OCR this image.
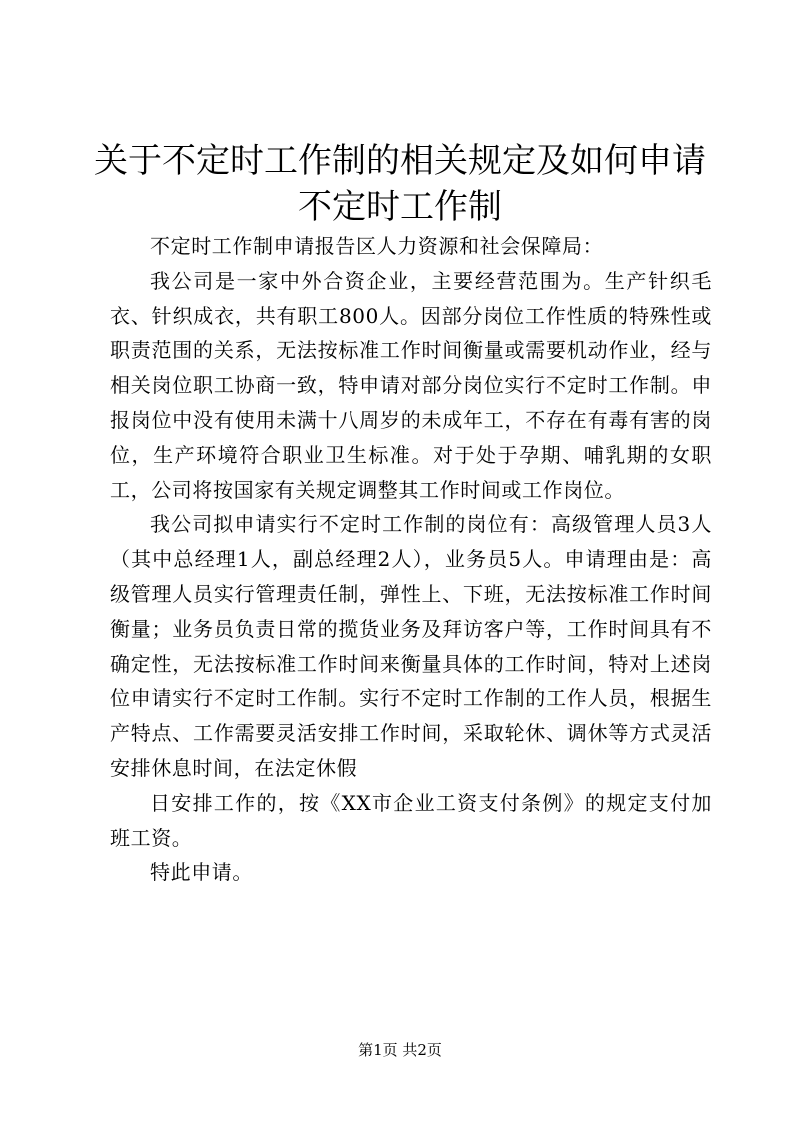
关于不定时工作制的相关规定及如何申请不定时工作制

不定时工作制申请报告区人力资源和社会保障局：

我公司是一家中外合资企业，主要经营范围为。生产针织毛衣、针织成衣，共有职工800人。因部分岗位工作性质的特殊性或职责范围的关系，无法按标准工作时间衡量或需要机动作业，经与相关岗位职工协商一致，特申请对部分岗位实行不定时工作制。申报岗位中没有使用未满十八周岁的未成年工，不存在有毒有害的岗位，生产环境符合职业卫生标准。对于处于孕期、哺乳期的女职工，公司将按国家有关规定调整其工作时间或工作岗位。

我公司拟申请实行不定时工作制的岗位有：高级管理人员3人（其中总经理1人，副总经理2人），业务员5人。申请理由是：高级管理人员实行管理责任制，弹性上、下班，无法按标准工作时间衡量；业务员负责日常的揽货业务及拜访客户等，工作时间具有不确定性，无法按标准工作时间来衡量具体的工作时间，特对上述岗位申请实行不定时工作制。实行不定时工作制的工作人员，根据生产特点、工作需要灵活安排工作时间，采取轮休、调休等方式灵活安排休息时间，在法定休假

日安排工作的，按《XX市企业工资支付条例》的规定支付加班工资。

特此申请。

第1页 共2页
